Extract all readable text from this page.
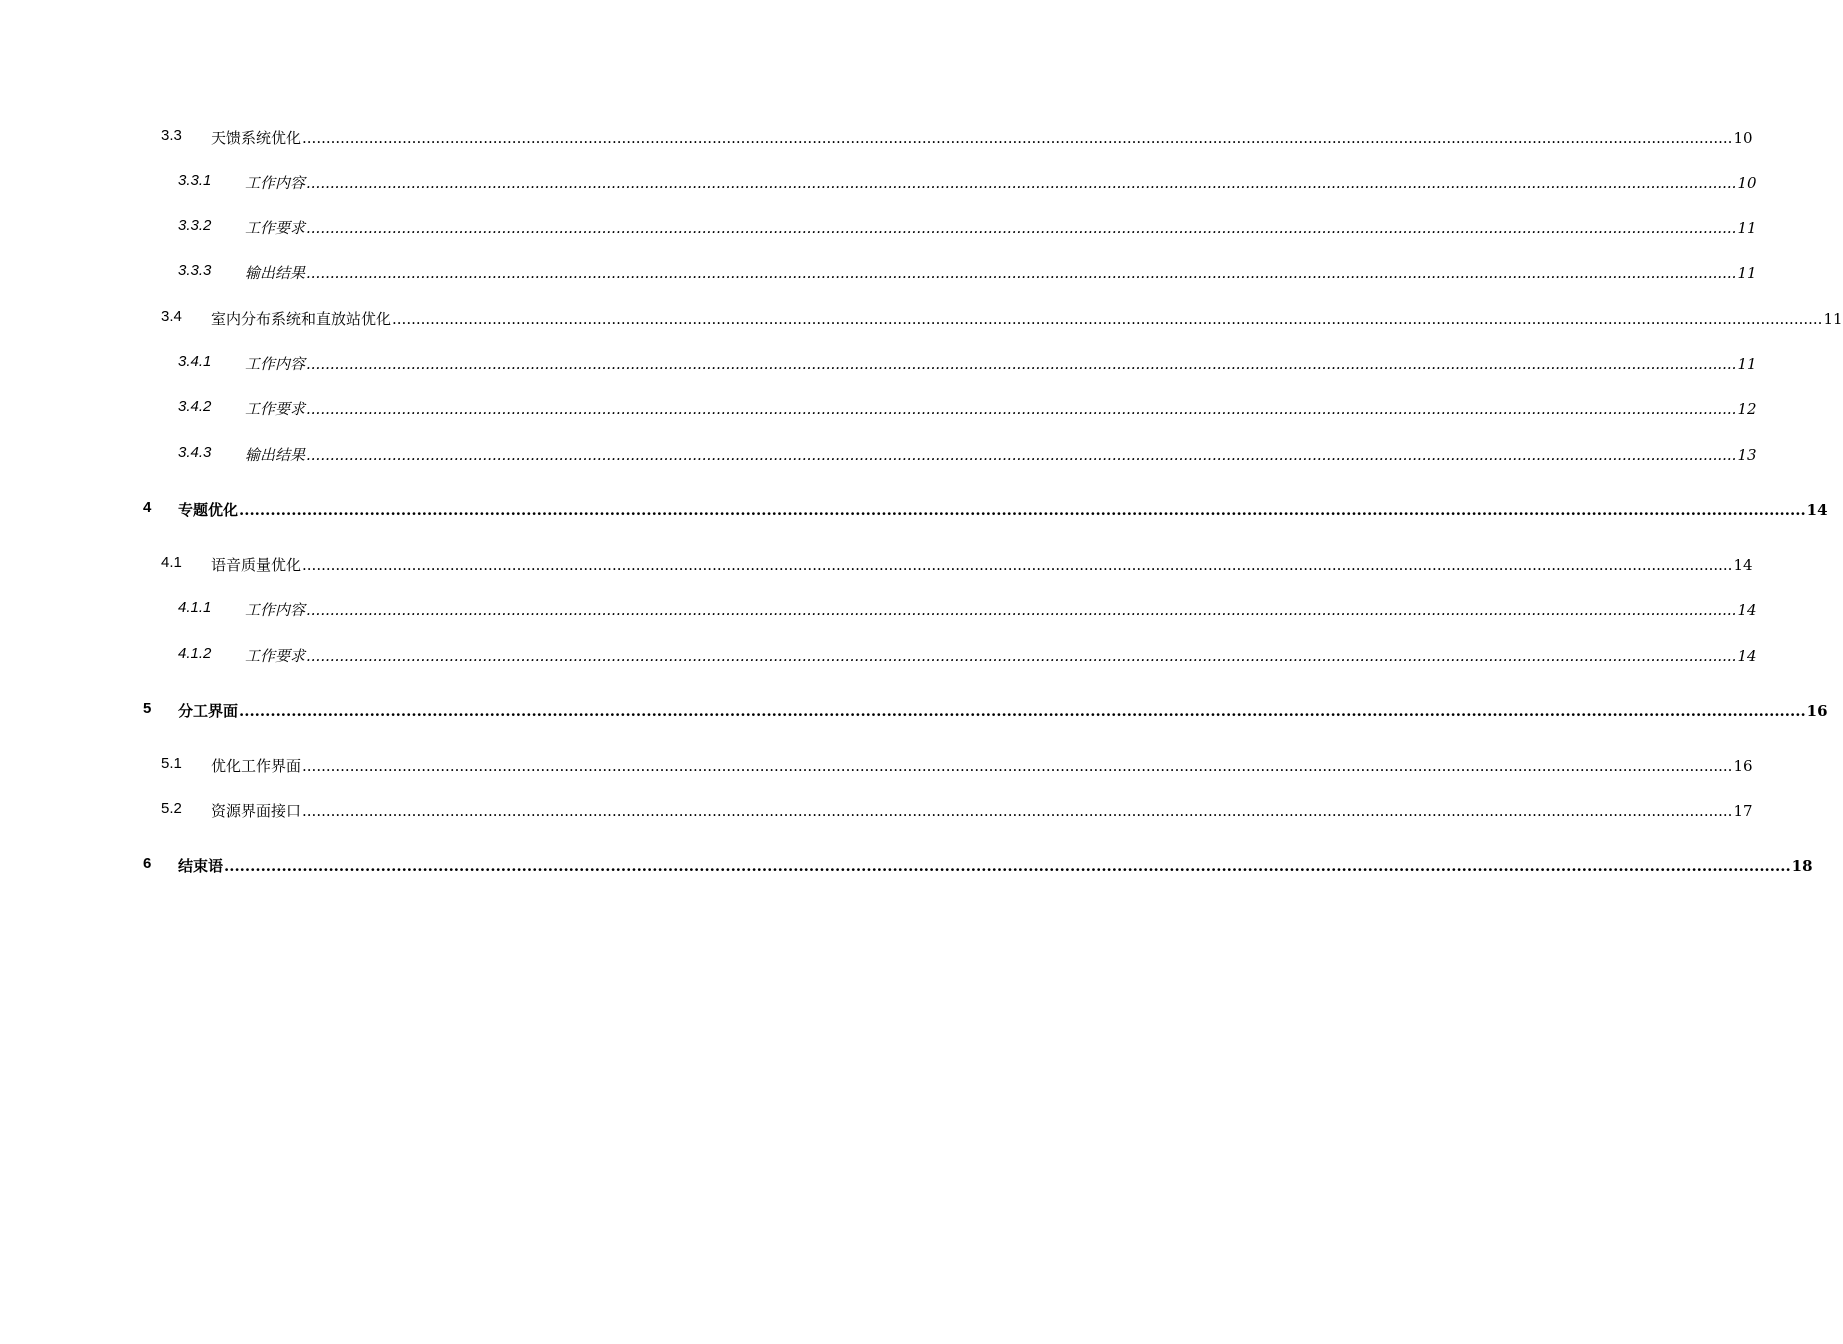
3.3 天馈系统优化 ............................................................................................................................................................................................................................................................................................................ 10
3.3.1 工作内容 ............................................................................................................................................................................................................................................................................................................ 10
3.3.2 工作要求 ............................................................................................................................................................................................................................................................................................................ 11
3.3.3 输出结果 ............................................................................................................................................................................................................................................................................................................ 11
3.4 室内分布系统和直放站优化 ............................................................................................................................................................................................................................................................................................................ 11
3.4.1 工作内容 ............................................................................................................................................................................................................................................................................................................ 11
3.4.2 工作要求 ............................................................................................................................................................................................................................................................................................................ 12
3.4.3 输出结果 ............................................................................................................................................................................................................................................................................................................ 13
4 专题优化 ............................................................................................................................................................................................................................................................................................................ 14
4.1 语音质量优化 ............................................................................................................................................................................................................................................................................................................ 14
4.1.1 工作内容 ............................................................................................................................................................................................................................................................................................................ 14
4.1.2 工作要求 ............................................................................................................................................................................................................................................................................................................ 14
5 分工界面 ............................................................................................................................................................................................................................................................................................................ 16
5.1 优化工作界面 ............................................................................................................................................................................................................................................................................................................ 16
5.2 资源界面接口 ............................................................................................................................................................................................................................................................................................................ 17
6 结束语 ............................................................................................................................................................................................................................................................................................................ 18
